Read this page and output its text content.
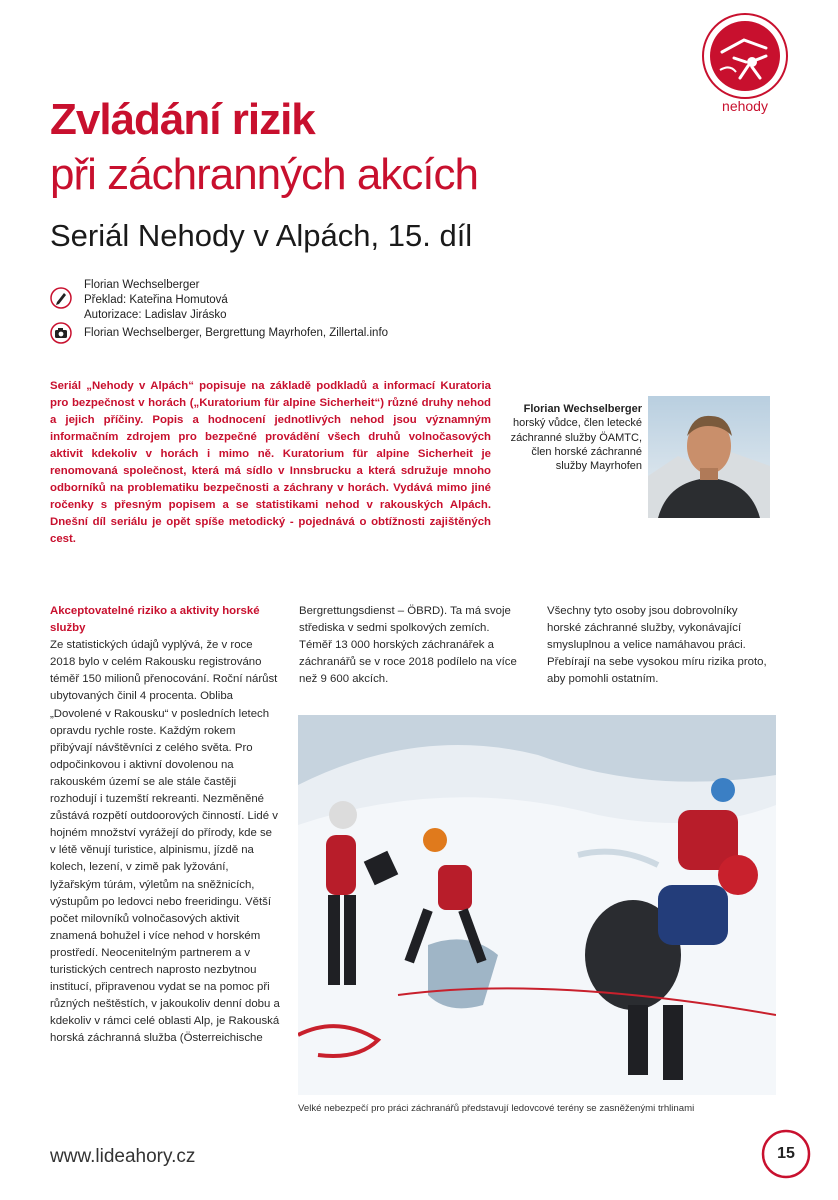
nehody
Zvládání rizik
při záchranných akcích
Seriál Nehody v Alpách, 15. díl
Florian Wechselberger
Překlad: Kateřina Homutová
Autorizace: Ladislav Jirásko
Florian Wechselberger, Bergrettung Mayrhofen, Zillertal.info
Seriál „Nehody v Alpách“ popisuje na základě podkladů a informací Kuratoria pro bezpečnost v horách („Kuratorium für alpine Sicherheit“) různé druhy nehod a jejich příčiny. Popis a hodnocení jednotlivých nehod jsou významným informačním zdrojem pro bezpečné provádění všech druhů volnočasových aktivit kdekoliv v horách i mimo ně. Kuratorium für alpine Sicherheit je renomovaná společnost, která má sídlo v Innsbrucku a která sdružuje mnoho odborníků na problematiku bezpečnosti a záchrany v horách. Vydává mimo jiné ročenky s přesným popisem a se statistikami nehod v rakouských Alpách. Dnešní díl seriálu je opět spíše metodický - pojednává o obtížnosti zajištěných cest.
Florian Wechselberger
horský vůdce, člen letecké záchranné služby ÖAMTC, člen horské záchranné služby Mayrhofen
Akceptovatelné riziko a aktivity horské služby
Ze statistických údajů vyplývá, že v roce 2018 bylo v celém Rakousku registrováno téměř 150 milionů přenocování. Roční nárůst ubytovaných činil 4 procenta. Obliba „Dovolené v Rakousku“ v posledních letech opravdu rychle roste. Každým rokem přibývají návštěvníci z celého světa. Pro odpočinkovou i aktivní dovolenou na rakouském území se ale stále častěji rozhodují i tuzemští rekreanti. Nezměněné zůstává rozpětí outdoorových činností. Lidé v hojném množství vyrážejí do přírody, kde se v létě věnují turistice, alpinismu, jízdě na kolech, lezení, v zimě pak lyžování, lyžařským túrám, výletům na sněžnicích, výstupům po ledovci nebo freeridingu. Větší počet milovníků volnočasových aktivit znamená bohužel i více nehod v horském prostředí. Neocenitelným partnerem a v turistických centrech naprosto nezbytnou institucí, připravenou vydat se na pomoc při různých neštěstích, v jakoukoliv denní dobu a kdekoliv v rámci celé oblasti Alp, je Rakouská horská záchranná služba (Österreichische
Bergrettungsdienst – ÖBRD). Ta má svoje střediska v sedmi spolkových zemích. Téměř 13 000 horských záchranářek a záchranářů se v roce 2018 podílelo na více než 9 600 akcích.
Všechny tyto osoby jsou dobrovolníky horské záchranné služby, vykonávající smysluplnou a velice namáhavou práci. Přebírají na sebe vysokou míru rizika proto, aby pomohli ostatním.
Velké nebezpečí pro práci záchranářů představují ledovcové terény se zasněženými trhlinami
www.lideahory.cz	15
